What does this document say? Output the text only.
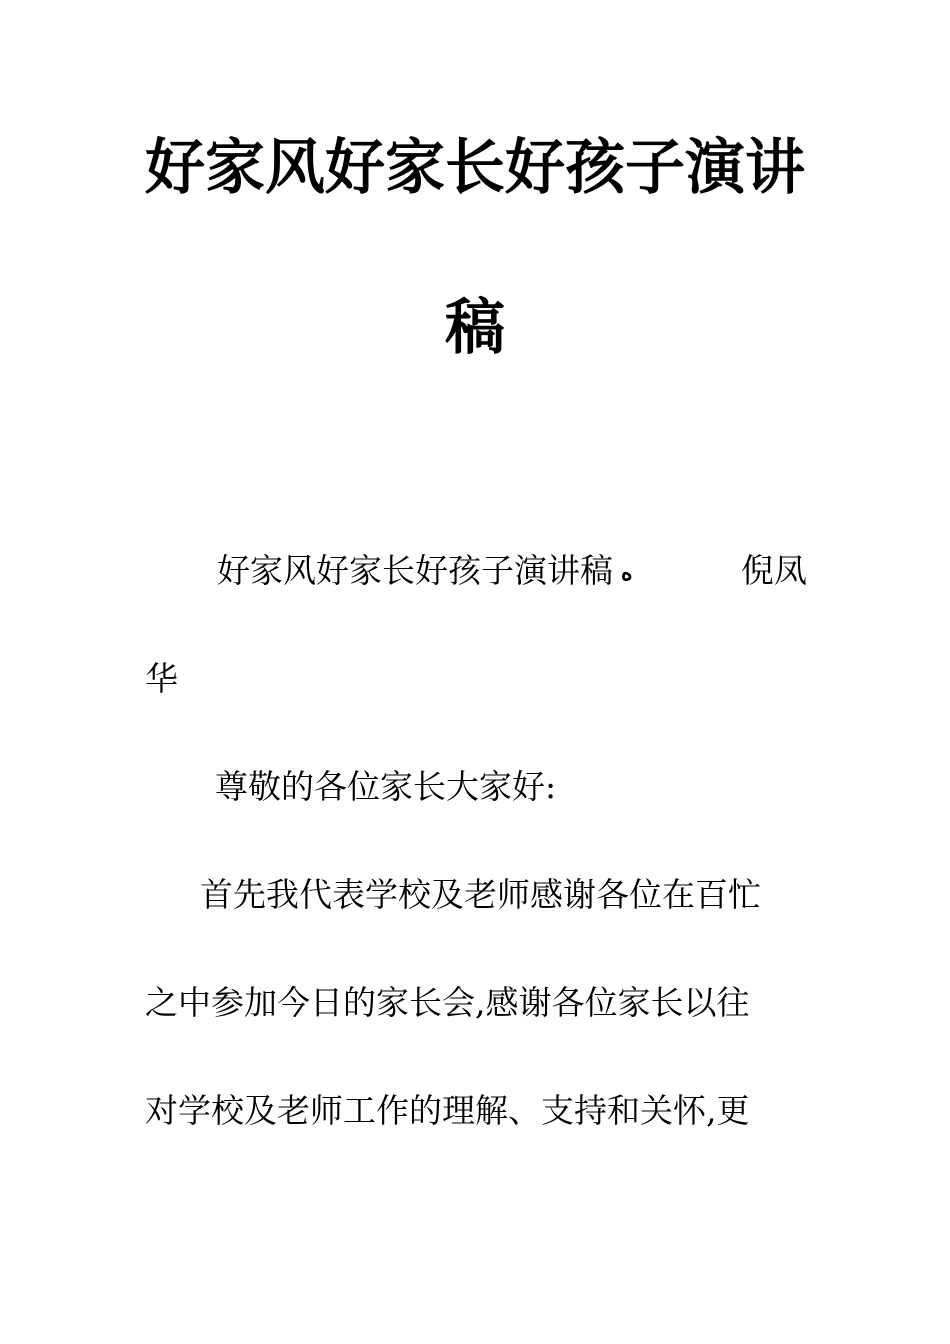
好家风好家长好孩子演讲
稿
好家风好家长好孩子演讲稿 ه	倪凤
华
尊敬的各位家长大家好:
首先我代表学校及老师感谢各位在百忙
之中参加今日的家长会,感谢各位家长以往
对学校及老师工作的理解、支持和关怀,更
